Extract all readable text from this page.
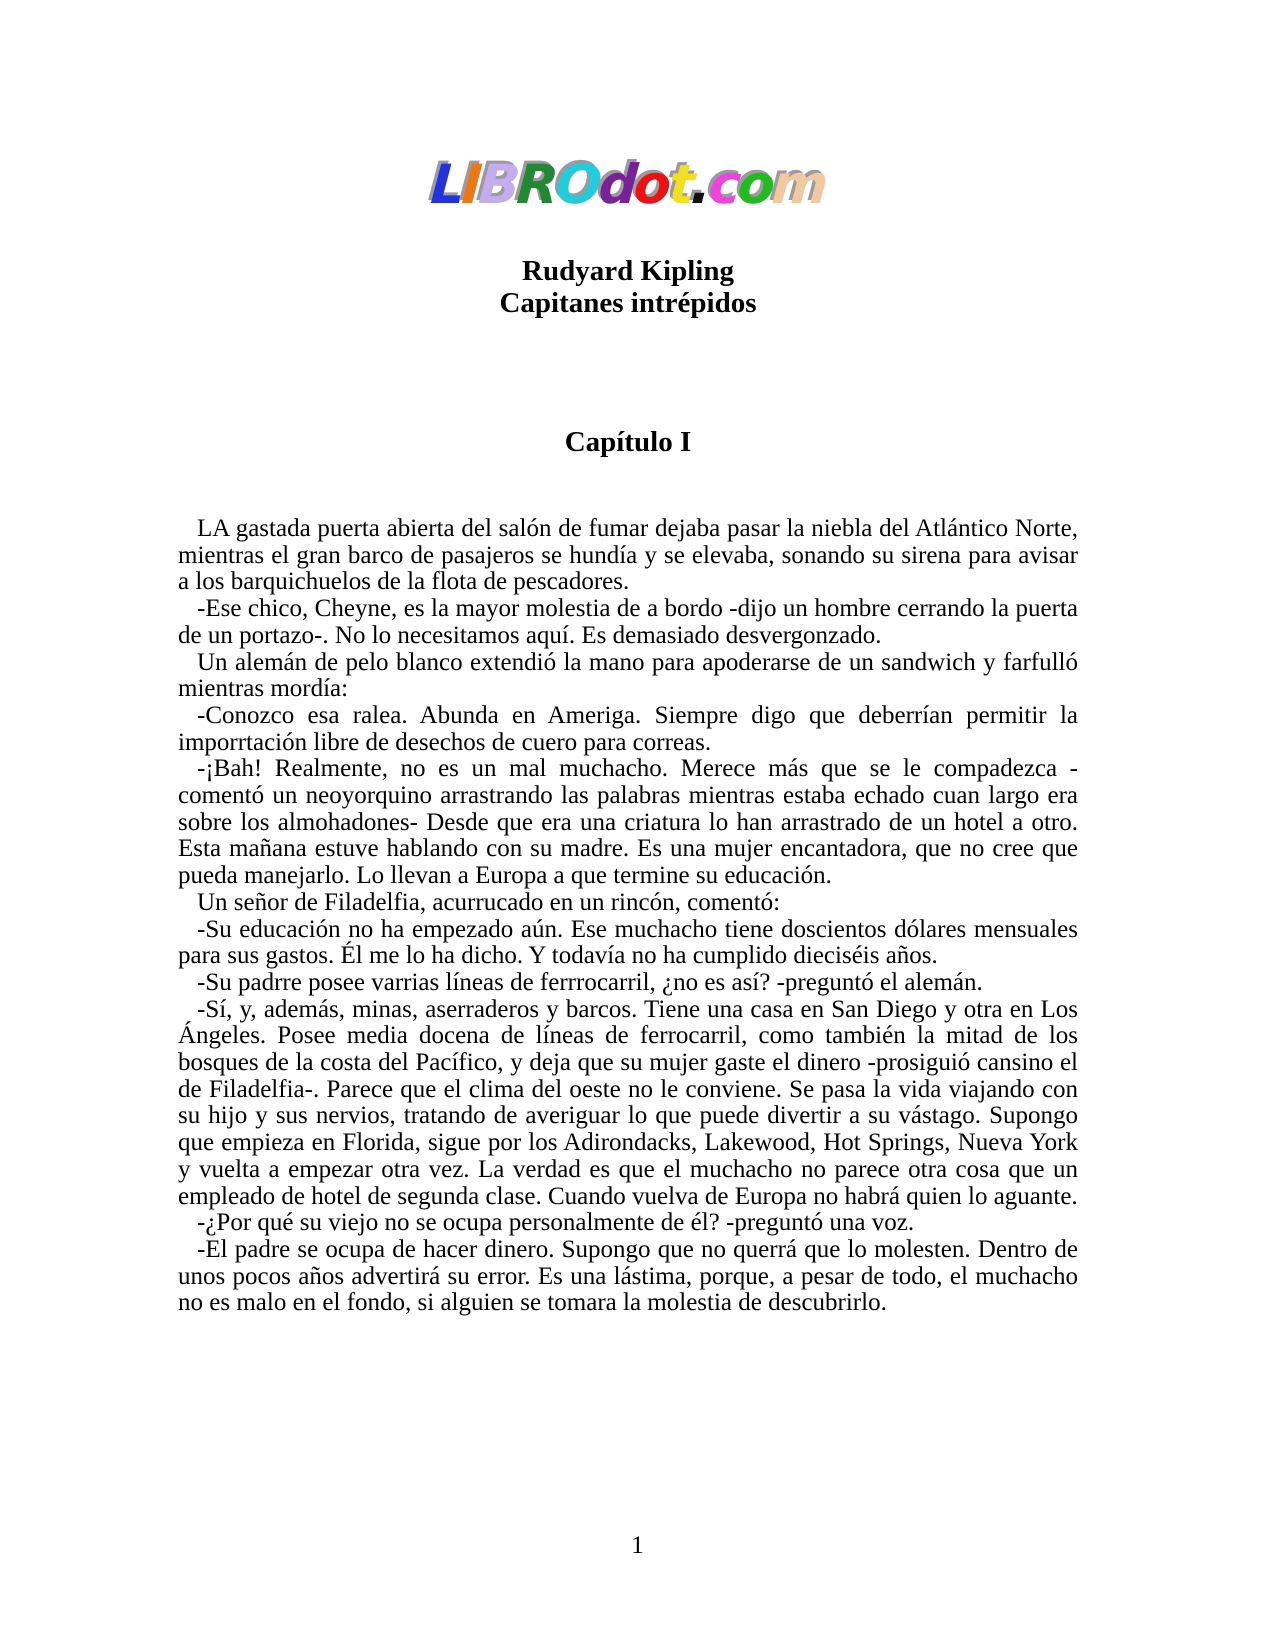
LIBROdot.com
Rudyard Kipling
Capitanes intrépidos
Capítulo I

LA gastada puerta abierta del salón de fumar dejaba pasar la niebla del Atlántico Norte, mientras el gran barco de pasajeros se hundía y se elevaba, sonando su sirena para avisar a los barquichuelos de la flota de pescadores.

-Ese chico, Cheyne, es la mayor molestia de a bordo -dijo un hombre cerrando la puerta de un portazo-. No lo necesitamos aquí. Es demasiado desvergonzado.

Un alemán de pelo blanco extendió la mano para apoderarse de un sandwich y farfulló mientras mordía:

-Conozco esa ralea. Abunda en Ameriga. Siempre digo que deberrían permitir la imporrtación libre de desechos de cuero para correas.

-¡Bah! Realmente, no es un mal muchacho. Merece más que se le compadezca -comentó un neoyorquino arrastrando las palabras mientras estaba echado cuan largo era sobre los almohadones- Desde que era una criatura lo han arrastrado de un hotel a otro. Esta mañana estuve hablando con su madre. Es una mujer encantadora, que no cree que pueda manejarlo. Lo llevan a Europa a que termine su educación.

Un señor de Filadelfia, acurrucado en un rincón, comentó:

-Su educación no ha empezado aún. Ese muchacho tiene doscientos dólares mensuales para sus gastos. Él me lo ha dicho. Y todavía no ha cumplido dieciséis años.

-Su padrre posee varrias líneas de ferrrocarril, ¿no es así? -preguntó el alemán.

-Sí, y, además, minas, aserraderos y barcos. Tiene una casa en San Diego y otra en Los Ángeles. Posee media docena de líneas de ferrocarril, como también la mitad de los bosques de la costa del Pacífico, y deja que su mujer gaste el dinero -prosiguió cansino el de Filadelfia-. Parece que el clima del oeste no le conviene. Se pasa la vida viajando con su hijo y sus nervios, tratando de averiguar lo que puede divertir a su vástago. Supongo que empieza en Florida, sigue por los Adirondacks, Lakewood, Hot Springs, Nueva York y vuelta a empezar otra vez. La verdad es que el muchacho no parece otra cosa que un empleado de hotel de segunda clase. Cuando vuelva de Europa no habrá quien lo aguante.

-¿Por qué su viejo no se ocupa personalmente de él? -preguntó una voz.

-El padre se ocupa de hacer dinero. Supongo que no querrá que lo molesten. Dentro de unos pocos años advertirá su error. Es una lástima, porque, a pesar de todo, el muchacho no es malo en el fondo, si alguien se tomara la molestia de descubrirlo.

1
